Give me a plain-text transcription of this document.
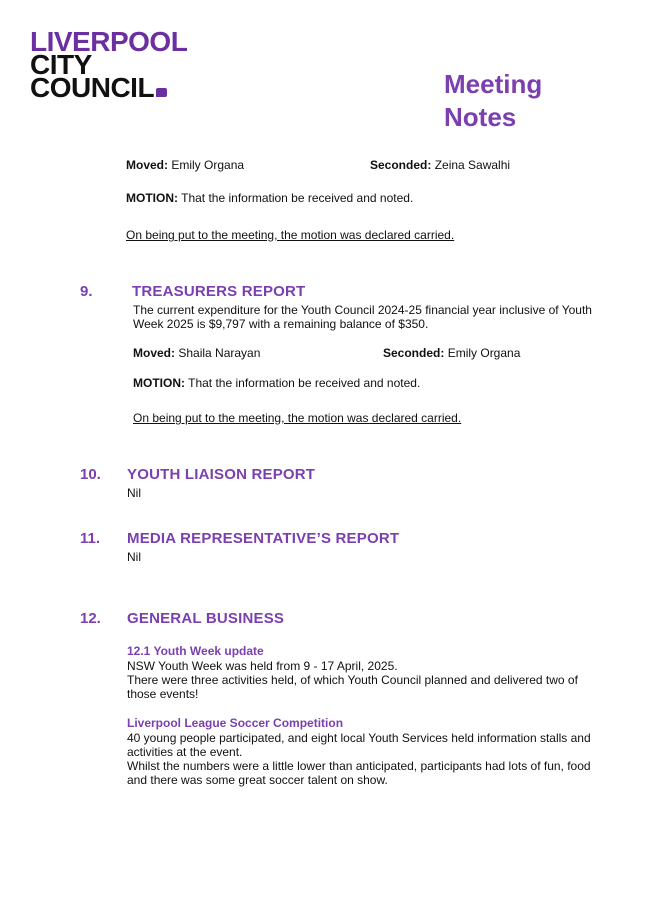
LIVERPOOL
CITY
COUNCIL	Meeting
Notes
Moved: Emily Organa	Seconded: Zeina Sawalhi
MOTION: That the information be received and noted.
On being put to the meeting, the motion was declared carried.
9.	TREASURERS REPORT
The current expenditure for the Youth Council 2024-25 financial year inclusive of Youth
Week 2025 is $9,797 with a remaining balance of $350.
Moved: Shaila Narayan	Seconded: Emily Organa
MOTION: That the information be received and noted.
On being put to the meeting, the motion was declared carried.
10. YOUTH LIAISON REPORT
Nil
11. MEDIA REPRESENTATIVE’S REPORT
Nil
12. GENERAL BUSINESS
12.1 Youth Week update
NSW Youth Week was held from 9 - 17 April, 2025.
There were three activities held, of which Youth Council planned and delivered two of
those events!
Liverpool League Soccer Competition
40 young people participated, and eight local Youth Services held information stalls and
activities at the event.
Whilst the numbers were a little lower than anticipated, participants had lots of fun, food
and there was some great soccer talent on show.
